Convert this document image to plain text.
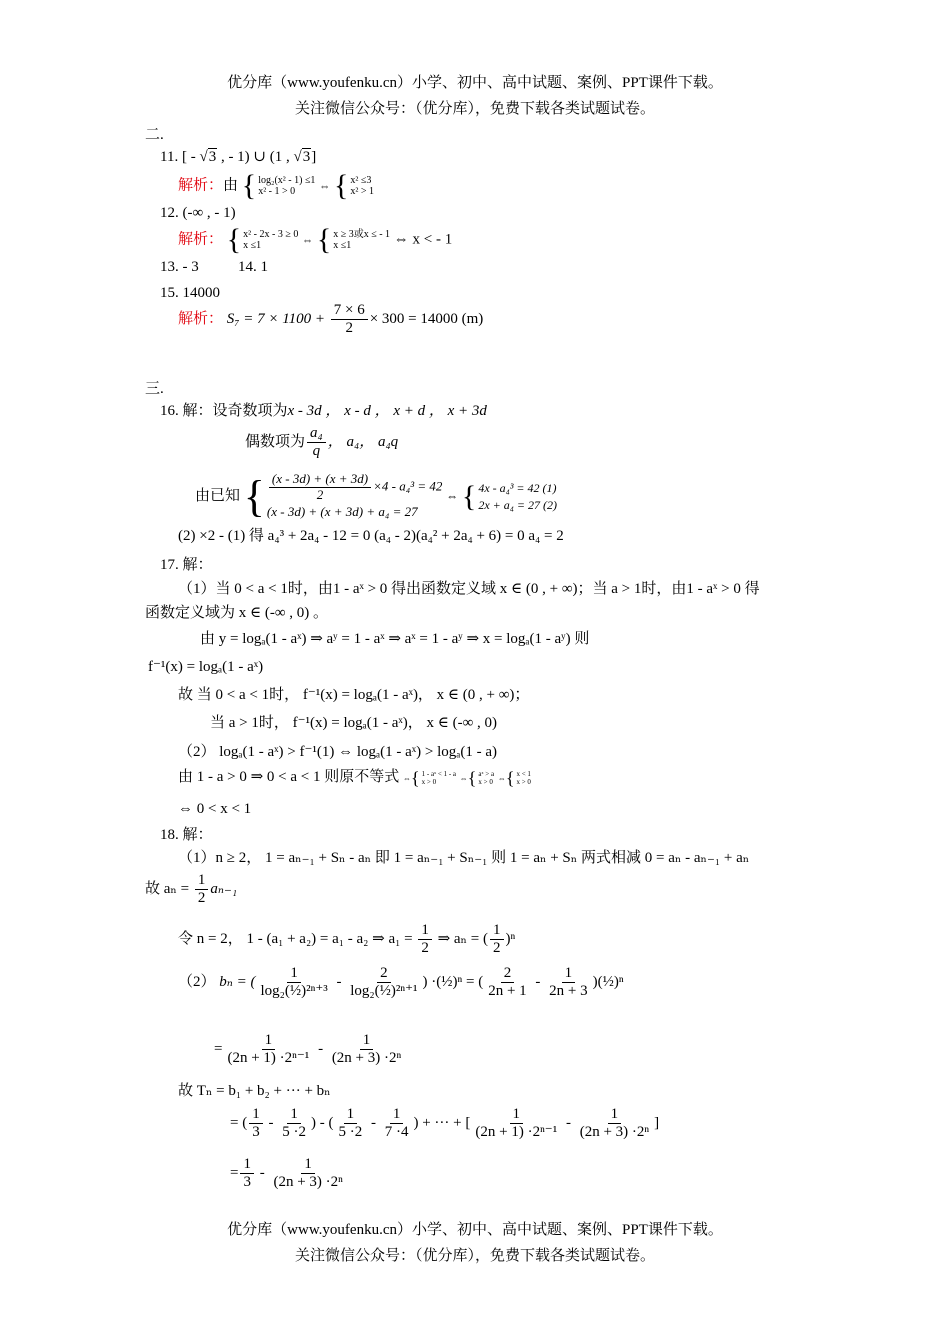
优分库（www.youfenku.cn）小学、初中、高中试题、案例、PPT课件下载。
关注微信公众号：（优分库），免费下载各类试题试卷。
二.
11. [ - √3 , - 1) ∪ (1 , √3]
解析：由 { log₂(x² - 1) ≤1
x² - 1 > 0	⇔ { x² ≤3
x² > 1
12. (-∞ , - 1)
解析： { x² - 2x - 3 ≥ 0
x ≤1	⇔ { x ≥ 3或x ≤ - 1
x ≤1	⇔ x < - 1
13. - 3	14. 1
15. 14000
解析： $S_7 = 7 \times 1100 + \frac{7 \times 6}{2} \times 300 = 14000$ (m)
三.
16. 解：设奇数项为x - 3d ， x - d ， x + d ， x + 3d
偶数项为 $\frac{\text{a₄}}{q}$ ， a₄， a₄q
由已知 { $\frac{(x - 3d) + (x + 3d)}{2} \times 4 - a_4^3 = 42$
(x - 3d) + (x + 3d) + a₄ = 27
⇔ { 4x - a₄³ = 42 (1)
2x + a₄ = 27 (2)
(2) ×2 - (1) 得 a₄³ + 2a₄ - 12 = 0 (a₄ - 2)(a₄² + 2a₄ + 6) = 0 a₄ = 2
17. 解：
（1）当 0 < a < 1时，由1 - aˣ > 0 得出函数定义域 x ∈ (0 , + ∞)；当 a > 1时，由1 - aˣ > 0 得
函数定义域为 x ∈ (-∞ , 0) 。
由 y = logₐ(1 - aˣ) ⇒ aʸ = 1 - aˣ ⇒ aˣ = 1 - aʸ ⇒ x = logₐ(1 - aʸ) 则
f⁻¹(x) = logₐ(1 - aˣ)
故 当 0 < a < 1时， f⁻¹(x) = logₐ(1 - aˣ)， x ∈ (0 , + ∞)；
当 a > 1时， f⁻¹(x) = logₐ(1 - aˣ)， x ∈ (-∞ , 0)
（2） logₐ(1 - aˣ) > f⁻¹(1) ⇔ logₐ(1 - aˣ) > logₐ(1 - a)
由 1 - a > 0 ⇒ 0 < a < 1 则原不等式 ⇔{ 1 - aˣ < 1 - a
x > 0	⇔{ aˣ > a
x > 0 ⇔{ x < 1
x > 0
⇔ 0 < x < 1
18. 解：
（1）n ≥ 2， 1 = aₙ₋₁ + Sₙ - aₙ 即 1 = aₙ₋₁ + Sₙ₋₁ 则 1 = aₙ + Sₙ 两式相减 0 = aₙ - aₙ₋₁ + aₙ
故 $a_n = \frac{1}{2} a_{n-1}$
令 n = 2， 1 - (a₁ + a₂) = a₁ - a₂ ⇒ $a_1 = \frac{1}{2}$ ⇒ aₙ = ( $\frac{1}{2} )^n$
（2） bₙ = ( $\frac{1}{\text{log₂(½)²ⁿ⁺³}} - \frac{2}{\text{log₂(½)²ⁿ⁺¹}}$ ) ·(½)ⁿ = ( $\frac{2}{2n + 1} - \frac{1}{2n + 3}$ )(½)ⁿ
= $\frac{1}{\text{(2n + 1) ·2ⁿ⁻¹}} - \frac{1}{\text{(2n + 3) ·2ⁿ}}$
故 Tₙ = b₁ + b₂ + ··· + bₙ
= ( $\frac{1}{3} - \frac{1}{5 \cdot 2}$ ) - ( $\frac{1}{5 \cdot 2} - \frac{1}{7 \cdot 4}$ ) + ··· + [ $\frac{1}{\text{(2n + 1) ·2ⁿ⁻¹}} - \frac{1}{\text{(2n + 3) ·2ⁿ}}$ ]
= $\frac{1}{3} - \frac{1}{\text{(2n + 3) ·2ⁿ}}$
优分库（www.youfenku.cn）小学、初中、高中试题、案例、PPT课件下载。
关注微信公众号：（优分库），免费下载各类试题试卷。
